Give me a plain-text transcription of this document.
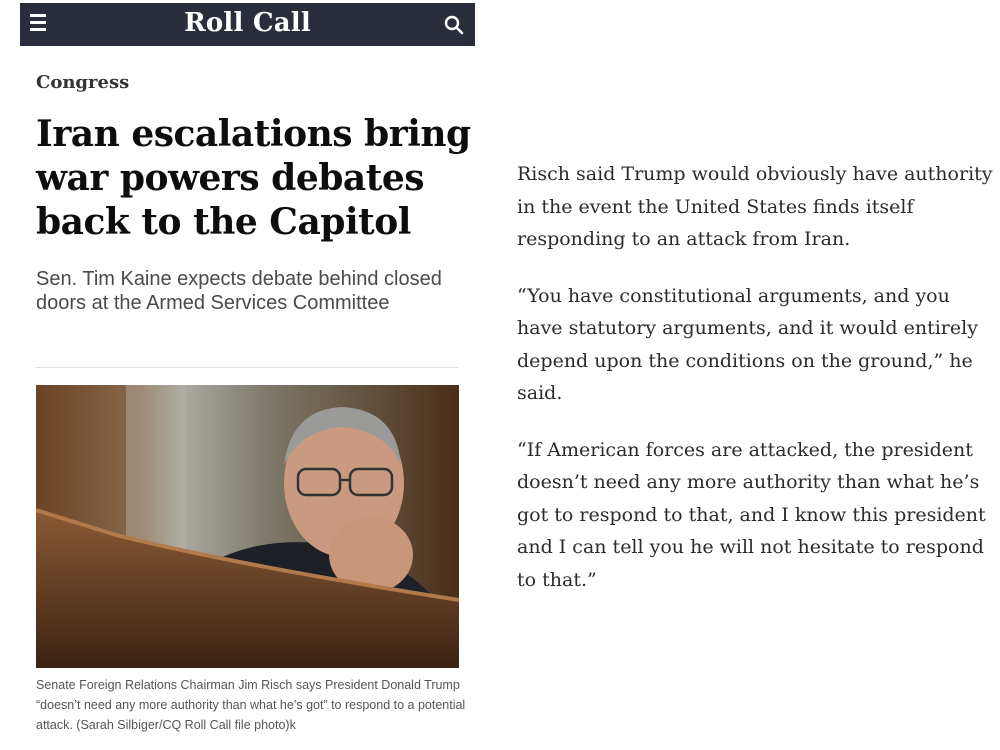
Roll Call
Congress
Iran escalations bring war powers debates back to the Capitol
Sen. Tim Kaine expects debate behind closed doors at the Armed Services Committee
Senate Foreign Relations Chairman Jim Risch says President Donald Trump “doesn’t need any more authority than what he’s got” to respond to a potential attack. (Sarah Silbiger/CQ Roll Call file photo)k

Risch said Trump would obviously have authority in the event the United States finds itself responding to an attack from Iran.

“You have constitutional arguments, and you have statutory arguments, and it would entirely depend upon the conditions on the ground,” he said.

“If American forces are attacked, the president doesn’t need any more authority than what he’s got to respond to that, and I know this president and I can tell you he will not hesitate to respond to that.”
